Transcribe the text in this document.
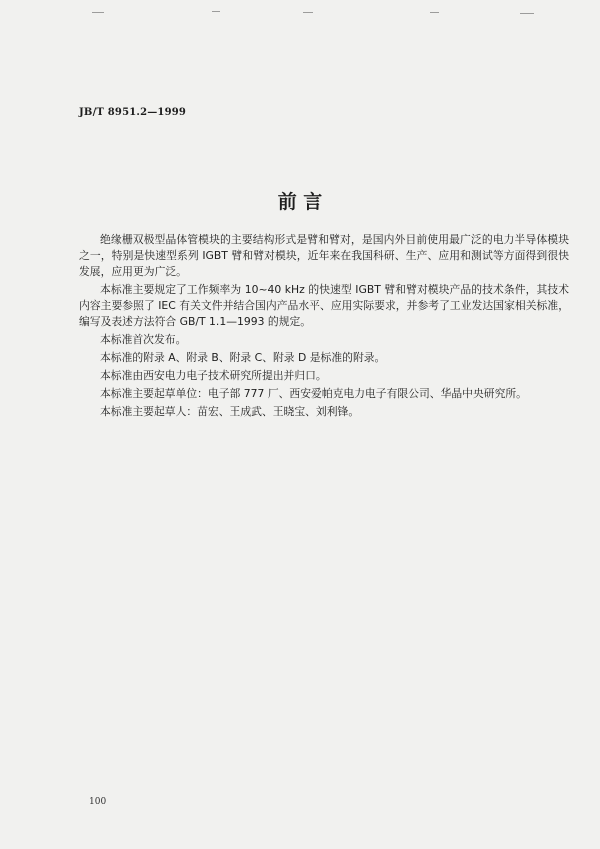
JB/T 8951.2—1999
前 言

绝缘栅双极型晶体管模块的主要结构形式是臂和臂对，是国内外目前使用最广泛的电力半导体模块之一，特别是快速型系列 IGBT 臂和臂对模块，近年来在我国科研、生产、应用和测试等方面得到很快发展，应用更为广泛。

本标准主要规定了工作频率为 10~40 kHz 的快速型 IGBT 臂和臂对模块产品的技术条件，其技术内容主要参照了 IEC 有关文件并结合国内产品水平、应用实际要求，并参考了工业发达国家相关标准，编写及表述方法符合 GB/T 1.1—1993 的规定。

本标准首次发布。

本标准的附录 A、附录 B、附录 C、附录 D 是标准的附录。

本标准由西安电力电子技术研究所提出并归口。

本标准主要起草单位：电子部 777 厂、西安爱帕克电力电子有限公司、华晶中央研究所。

本标准主要起草人：苗宏、王成武、王晓宝、刘利锋。

100
